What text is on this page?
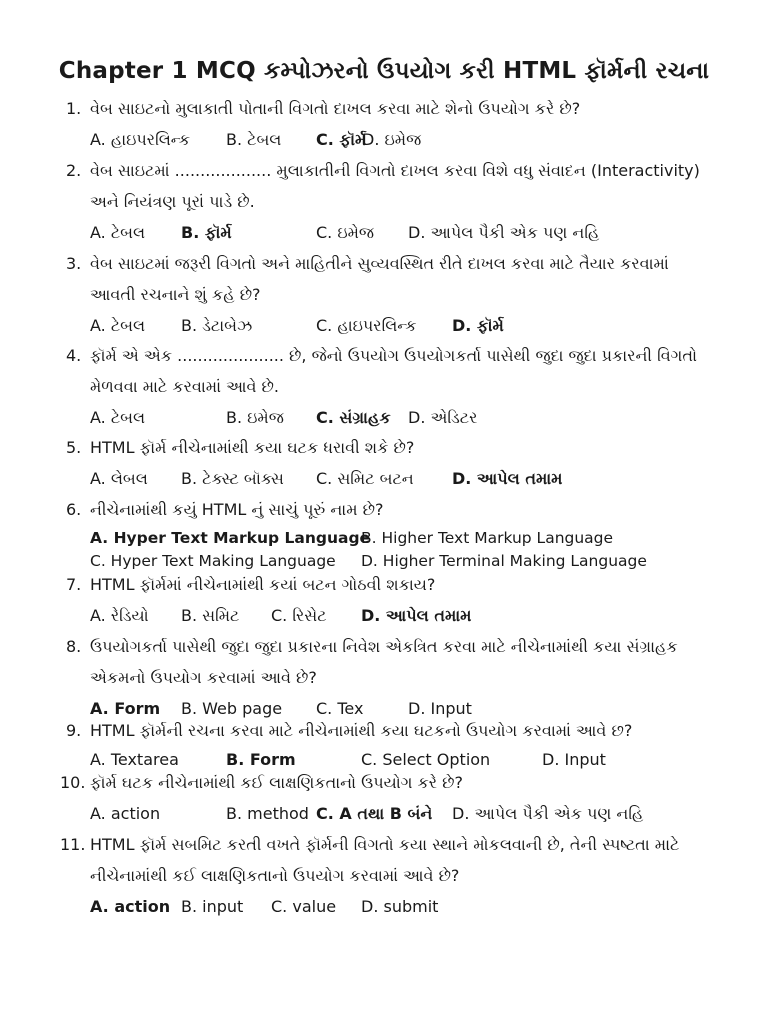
Chapter 1 MCQ કમ્પોઝરનો ઉપયોગ કરી HTML ફૉર્મની રચના
1. વેબ સાઇટનો મુલાકાતી પોતાની વિગતો દાખલ કરવા માટે શેનો ઉપયોગ કરે છે?
A. હાઇપરલિન્ક B. ટેબલ C. ફૉર્મ
D. ઇમેજ
2. વેબ સાઇટમાં ................... મુલાકાતીની વિગતો દાખલ કરવા વિશે વધુ સંવાદન (Interactivity)
અને નિયંત્રણ પૂરાં પાડે છે.
A. ટેબલ B. ફૉર્મ	C. ઇમેજ D. આપેલ પૈકી એક પણ નહિ
3. વેબ સાઇટમાં જરૂરી વિગતો અને માહિતીને સુવ્યવસ્થિત રીતે દાખલ કરવા માટે તૈયાર કરવામાં
આવતી રચનાને શું કહે છે?
A. ટેબલ B. ડેટાબેઝ	C. હાઇપરલિન્ક D. ફૉર્મ
4. ફૉર્મ એ એક ..................... છે, જેનો ઉપયોગ ઉપયોગકર્તા પાસેથી જુદા જુદા પ્રકારની વિગતો
મેળવવા માટે કરવામાં આવે છે.
A. ટેબલ	B. ઇમેજ C. સંગ્રાહક D. એડિટર
5. HTML ફૉર્મ નીચેનામાંથી કયા ઘટક ધરાવી શકે છે?
A. લેબલ B. ટેક્સ્ટ બૉક્સ C. સમિટ બટન D. આપેલ તમામ
6. નીચેનામાંથી કયું HTML નું સાચું પૂરું નામ છે?
A. Hyper Text Markup Language
B. Higher Text Markup Language
C. Hyper Text Making Language D. Higher Terminal Making Language
7. HTML ફૉર્મમાં નીચેનામાંથી કયાં બટન ગોઠવી શકાય?
A. રેડિયો B. સમિટ C. રિસેટ D. આપેલ તમામ
8. ઉપયોગકર્તા પાસેથી જુદા જુદા પ્રકારના નિવેશ એકત્રિત કરવા માટે નીચેનામાંથી કયા સંગ્રાહક
એકમનો ઉપયોગ કરવામાં આવે છે?
A. Form B. Web page C. Tex	D. Input
9. HTML ફૉર્મની રચના કરવા માટે નીચેનામાંથી કયા ઘટકનો ઉપયોગ કરવામાં આવે છ?
A. Textarea	B. Form	C. Select Option	D. Input
10. ફૉર્મ ઘટક નીચેનામાંથી કઈ લાક્ષણિકતાનો ઉપયોગ કરે છે?
A. action	B. method C. A તથા B બંને D. આપેલ પૈકી એક પણ નહિ
11. HTML ફૉર્મ સબમિટ કરતી વખતે ફૉર્મની વિગતો કયા સ્થાને મોકલવાની છે, તેની સ્પષ્ટતા માટે
નીચેનામાંથી કઈ લાક્ષણિકતાનો ઉપયોગ કરવામાં આવે છે?
A. action B. input C. value D. submit
